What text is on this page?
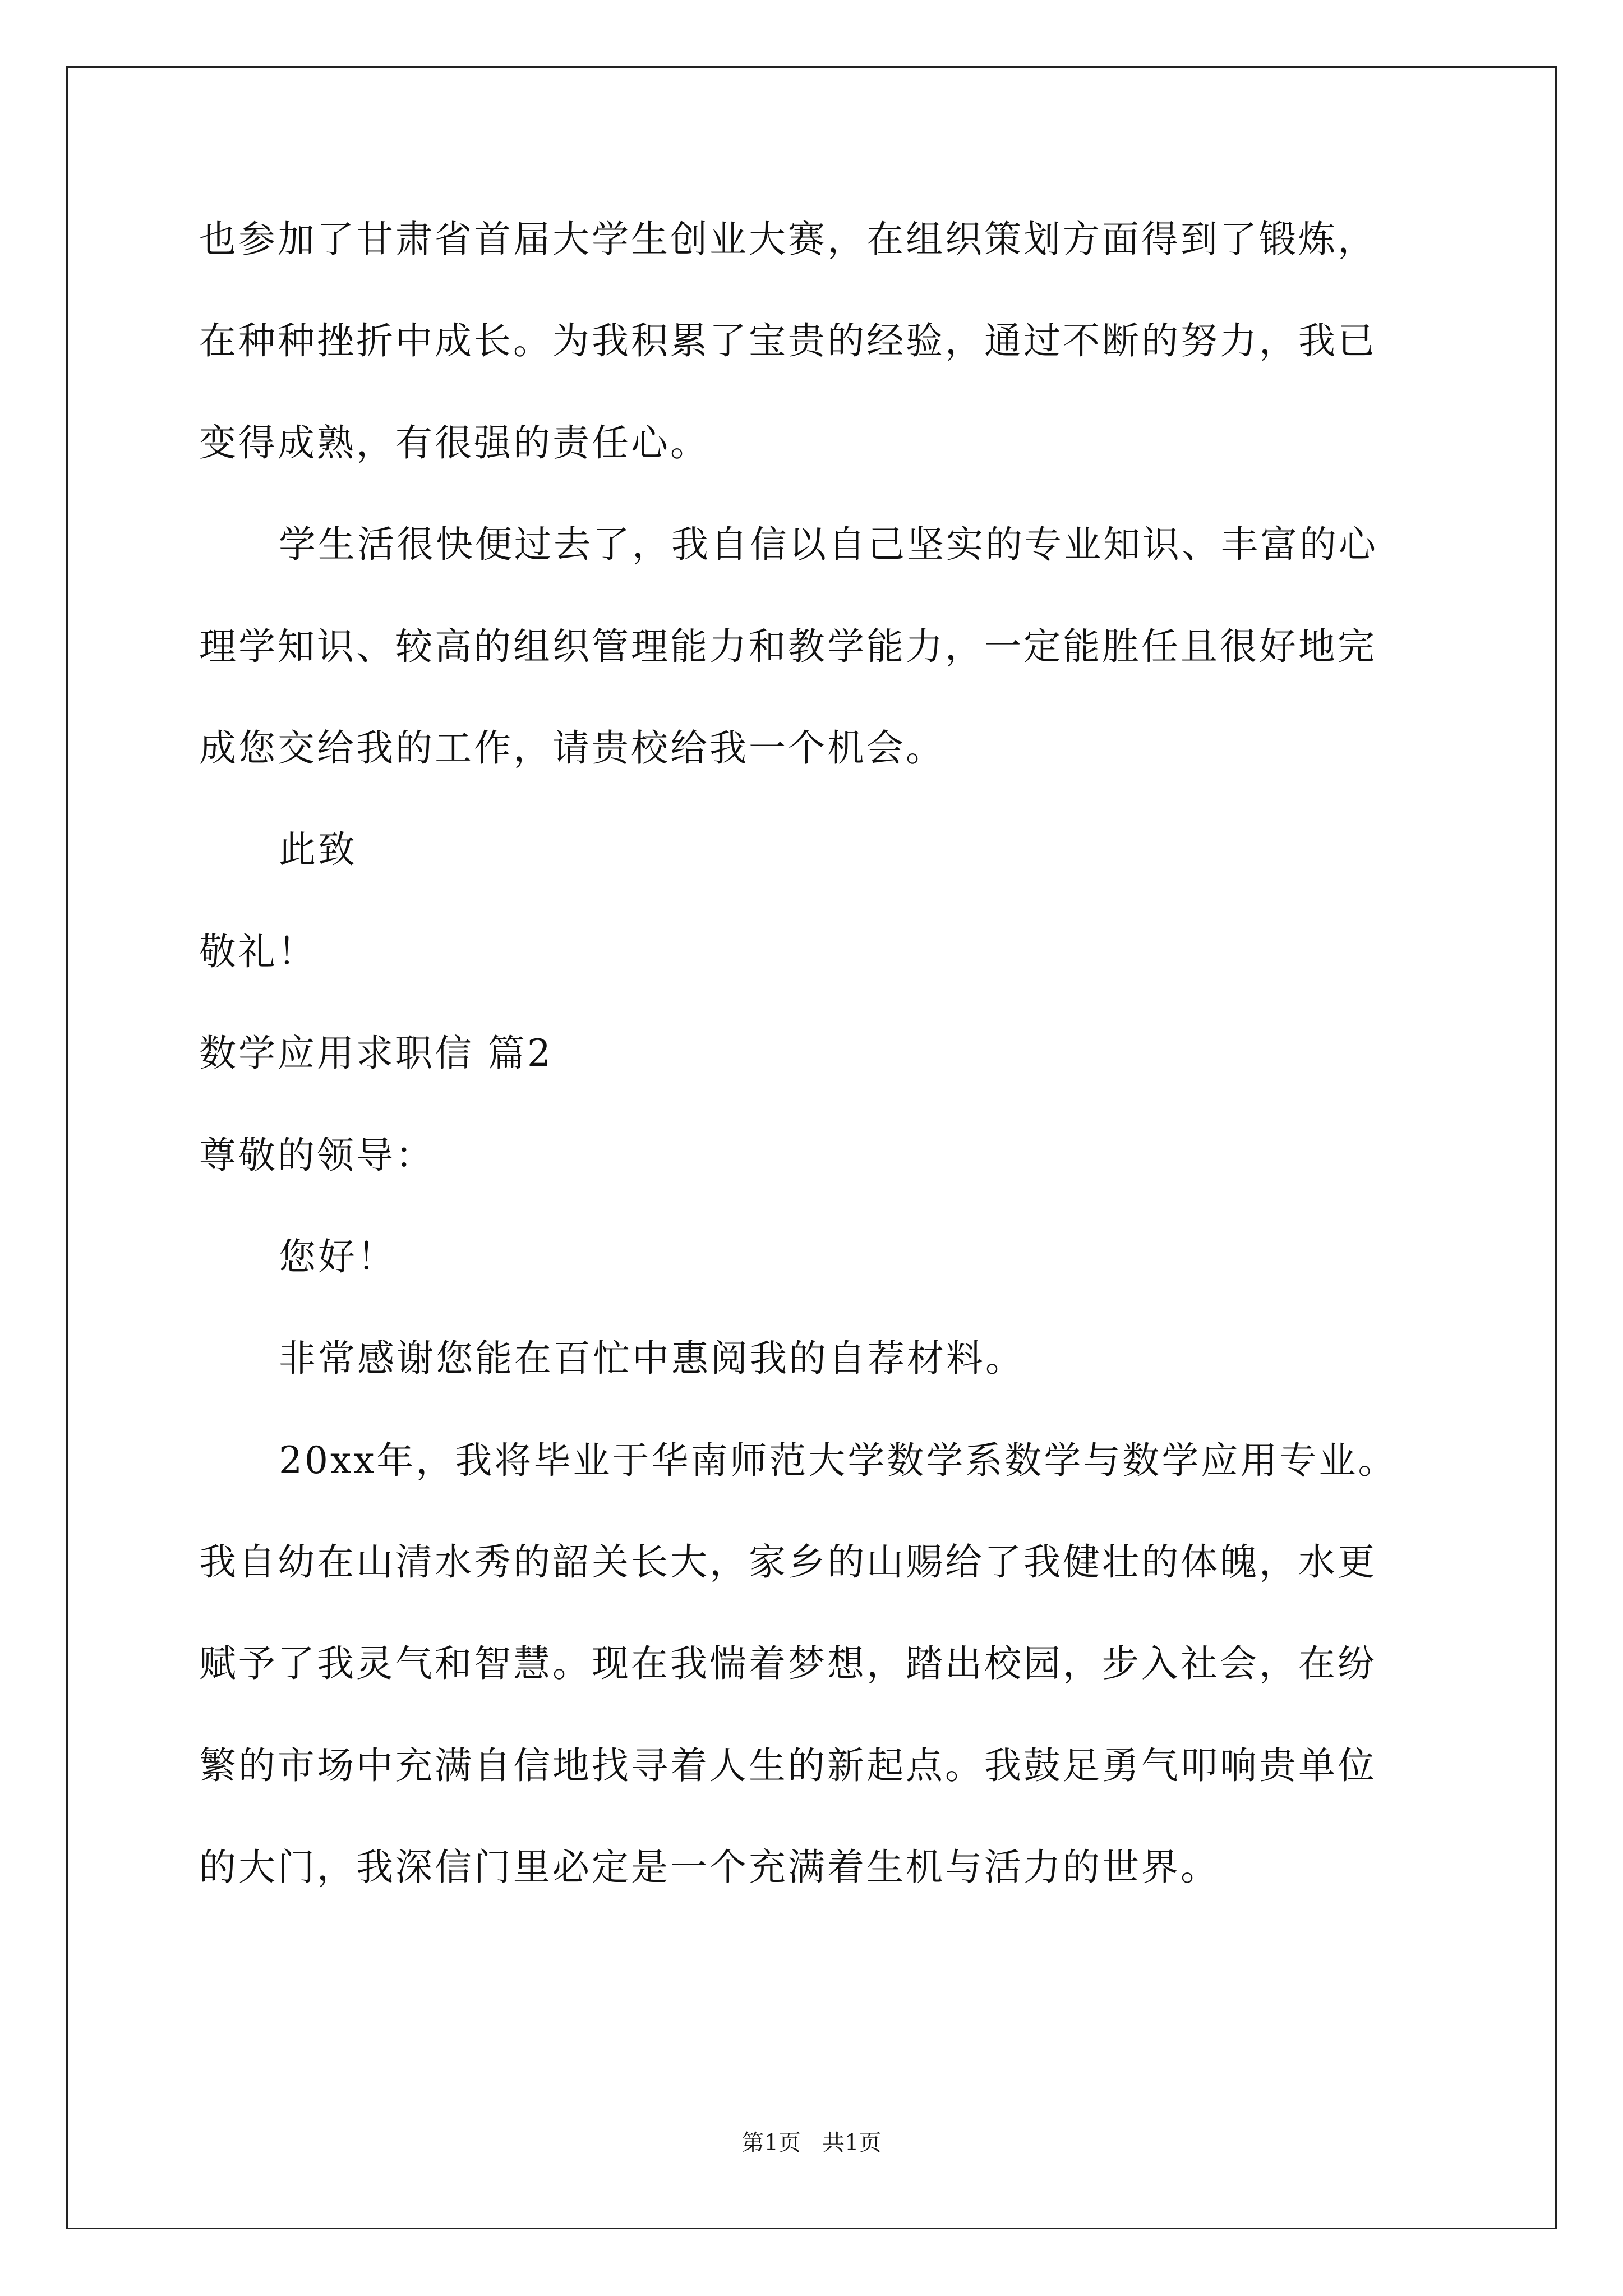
也参加了甘肃省首届大学生创业大赛，在组织策划方面得到了锻炼，
在种种挫折中成长。为我积累了宝贵的经验，通过不断的努力，我已
变得成熟，有很强的责任心。
学生活很快便过去了，我自信以自己坚实的专业知识、丰富的心
理学知识、较高的组织管理能力和教学能力，一定能胜任且很好地完
成您交给我的工作，请贵校给我一个机会。
此致
敬礼！
数学应用求职信 篇2
尊敬的领导：
您好！
非常感谢您能在百忙中惠阅我的自荐材料。
20xx年，我将毕业于华南师范大学数学系数学与数学应用专业。
我自幼在山清水秀的韶关长大，家乡的山赐给了我健壮的体魄，水更
赋予了我灵气和智慧。现在我惴着梦想，踏出校园，步入社会，在纷
繁的市场中充满自信地找寻着人生的新起点。我鼓足勇气叩响贵单位
的大门，我深信门里必定是一个充满着生机与活力的世界。
第1页   共1页
